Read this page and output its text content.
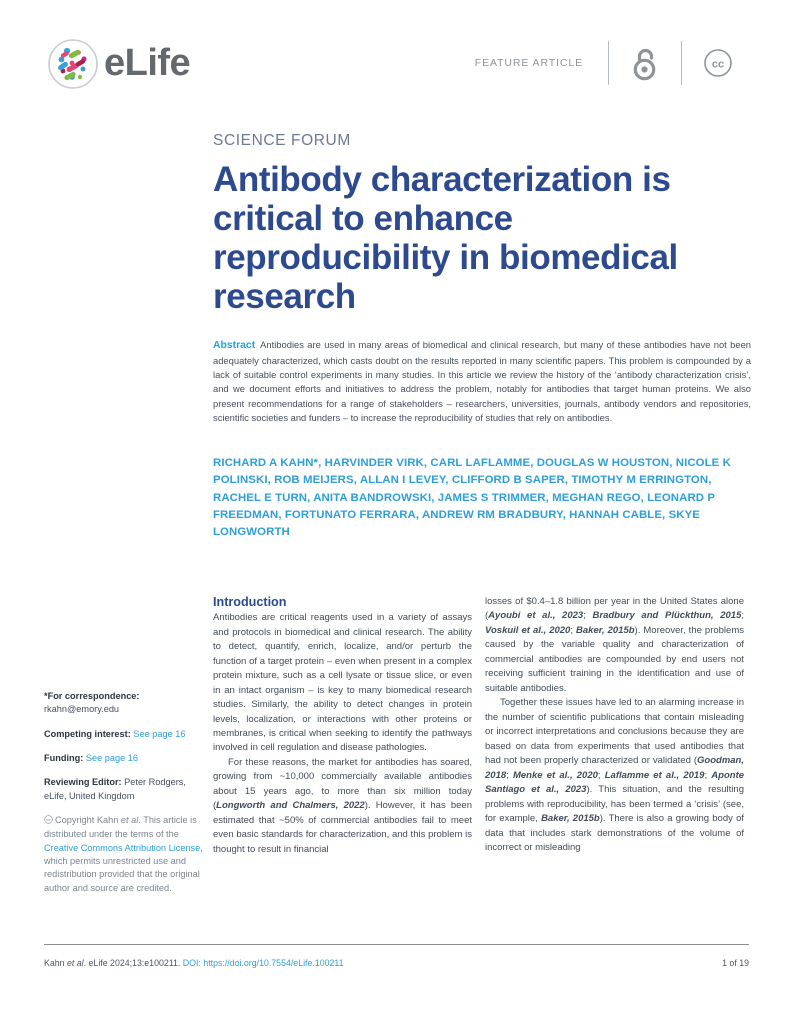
eLife	FEATURE ARTICLE	cc
SCIENCE FORUM
Antibody characterization is critical to enhance reproducibility in biomedical research
Abstract Antibodies are used in many areas of biomedical and clinical research, but many of these antibodies have not been adequately characterized, which casts doubt on the results reported in many scientific papers. This problem is compounded by a lack of suitable control experiments in many studies. In this article we review the history of the ‘antibody characterization crisis’, and we document efforts and initiatives to address the problem, notably for antibodies that target human proteins. We also present recommendations for a range of stakeholders – researchers, universities, journals, antibody vendors and repositories, scientific societies and funders – to increase the reproducibility of studies that rely on antibodies.
RICHARD A KAHN*, HARVINDER VIRK, CARL LAFLAMME, DOUGLAS W HOUSTON, NICOLE K POLINSKI, ROB MEIJERS, ALLAN I LEVEY, CLIFFORD B SAPER, TIMOTHY M ERRINGTON, RACHEL E TURN, ANITA BANDROWSKI, JAMES S TRIMMER, MEGHAN REGO, LEONARD P FREEDMAN, FORTUNATO FERRARA, ANDREW RM BRADBURY, HANNAH CABLE, SKYE LONGWORTH
*For correspondence:
rkahn@emory.edu
Competing interest: See page 16
Funding: See page 16
Reviewing Editor: Peter Rodgers, eLife, United Kingdom
cc Copyright Kahn et al. This article is distributed under the terms of the Creative Commons Attribution License, which permits unrestricted use and redistribution provided that the original author and source are credited.
Introduction

Antibodies are critical reagents used in a variety of assays and protocols in biomedical and clinical research. The ability to detect, quantify, enrich, localize, and/or perturb the function of a target protein – even when present in a complex protein mixture, such as a cell lysate or tissue slice, or even in an intact organism – is key to many biomedical research studies. Similarly, the ability to detect changes in protein levels, localization, or interactions with other proteins or membranes, is critical when seeking to identify the pathways involved in cell regulation and disease pathologies.

For these reasons, the market for antibodies has soared, growing from ~10,000 commercially available antibodies about 15 years ago, to more than six million today (Longworth and Chalmers, 2022). However, it has been estimated that ~50% of commercial antibodies fail to meet even basic standards for characterization, and this problem is thought to result in financial

losses of $0.4–1.8 billion per year in the United States alone (Ayoubi et al., 2023; Bradbury and Plückthun, 2015; Voskuil et al., 2020; Baker, 2015b). Moreover, the problems caused by the variable quality and characterization of commercial antibodies are compounded by end users not receiving sufficient training in the identification and use of suitable antibodies.

Together these issues have led to an alarming increase in the number of scientific publications that contain misleading or incorrect interpretations and conclusions because they are based on data from experiments that used antibodies that had not been properly characterized or validated (Goodman, 2018; Menke et al., 2020; Laflamme et al., 2019; Aponte Santiago et al., 2023). This situation, and the resulting problems with reproducibility, has been termed a ‘crisis’ (see, for example, Baker, 2015b). There is also a growing body of data that includes stark demonstrations of the volume of incorrect or misleading

Kahn et al. eLife 2024;13:e100211. DOI: https://doi.org/10.7554/eLife.100211	1 of 19
